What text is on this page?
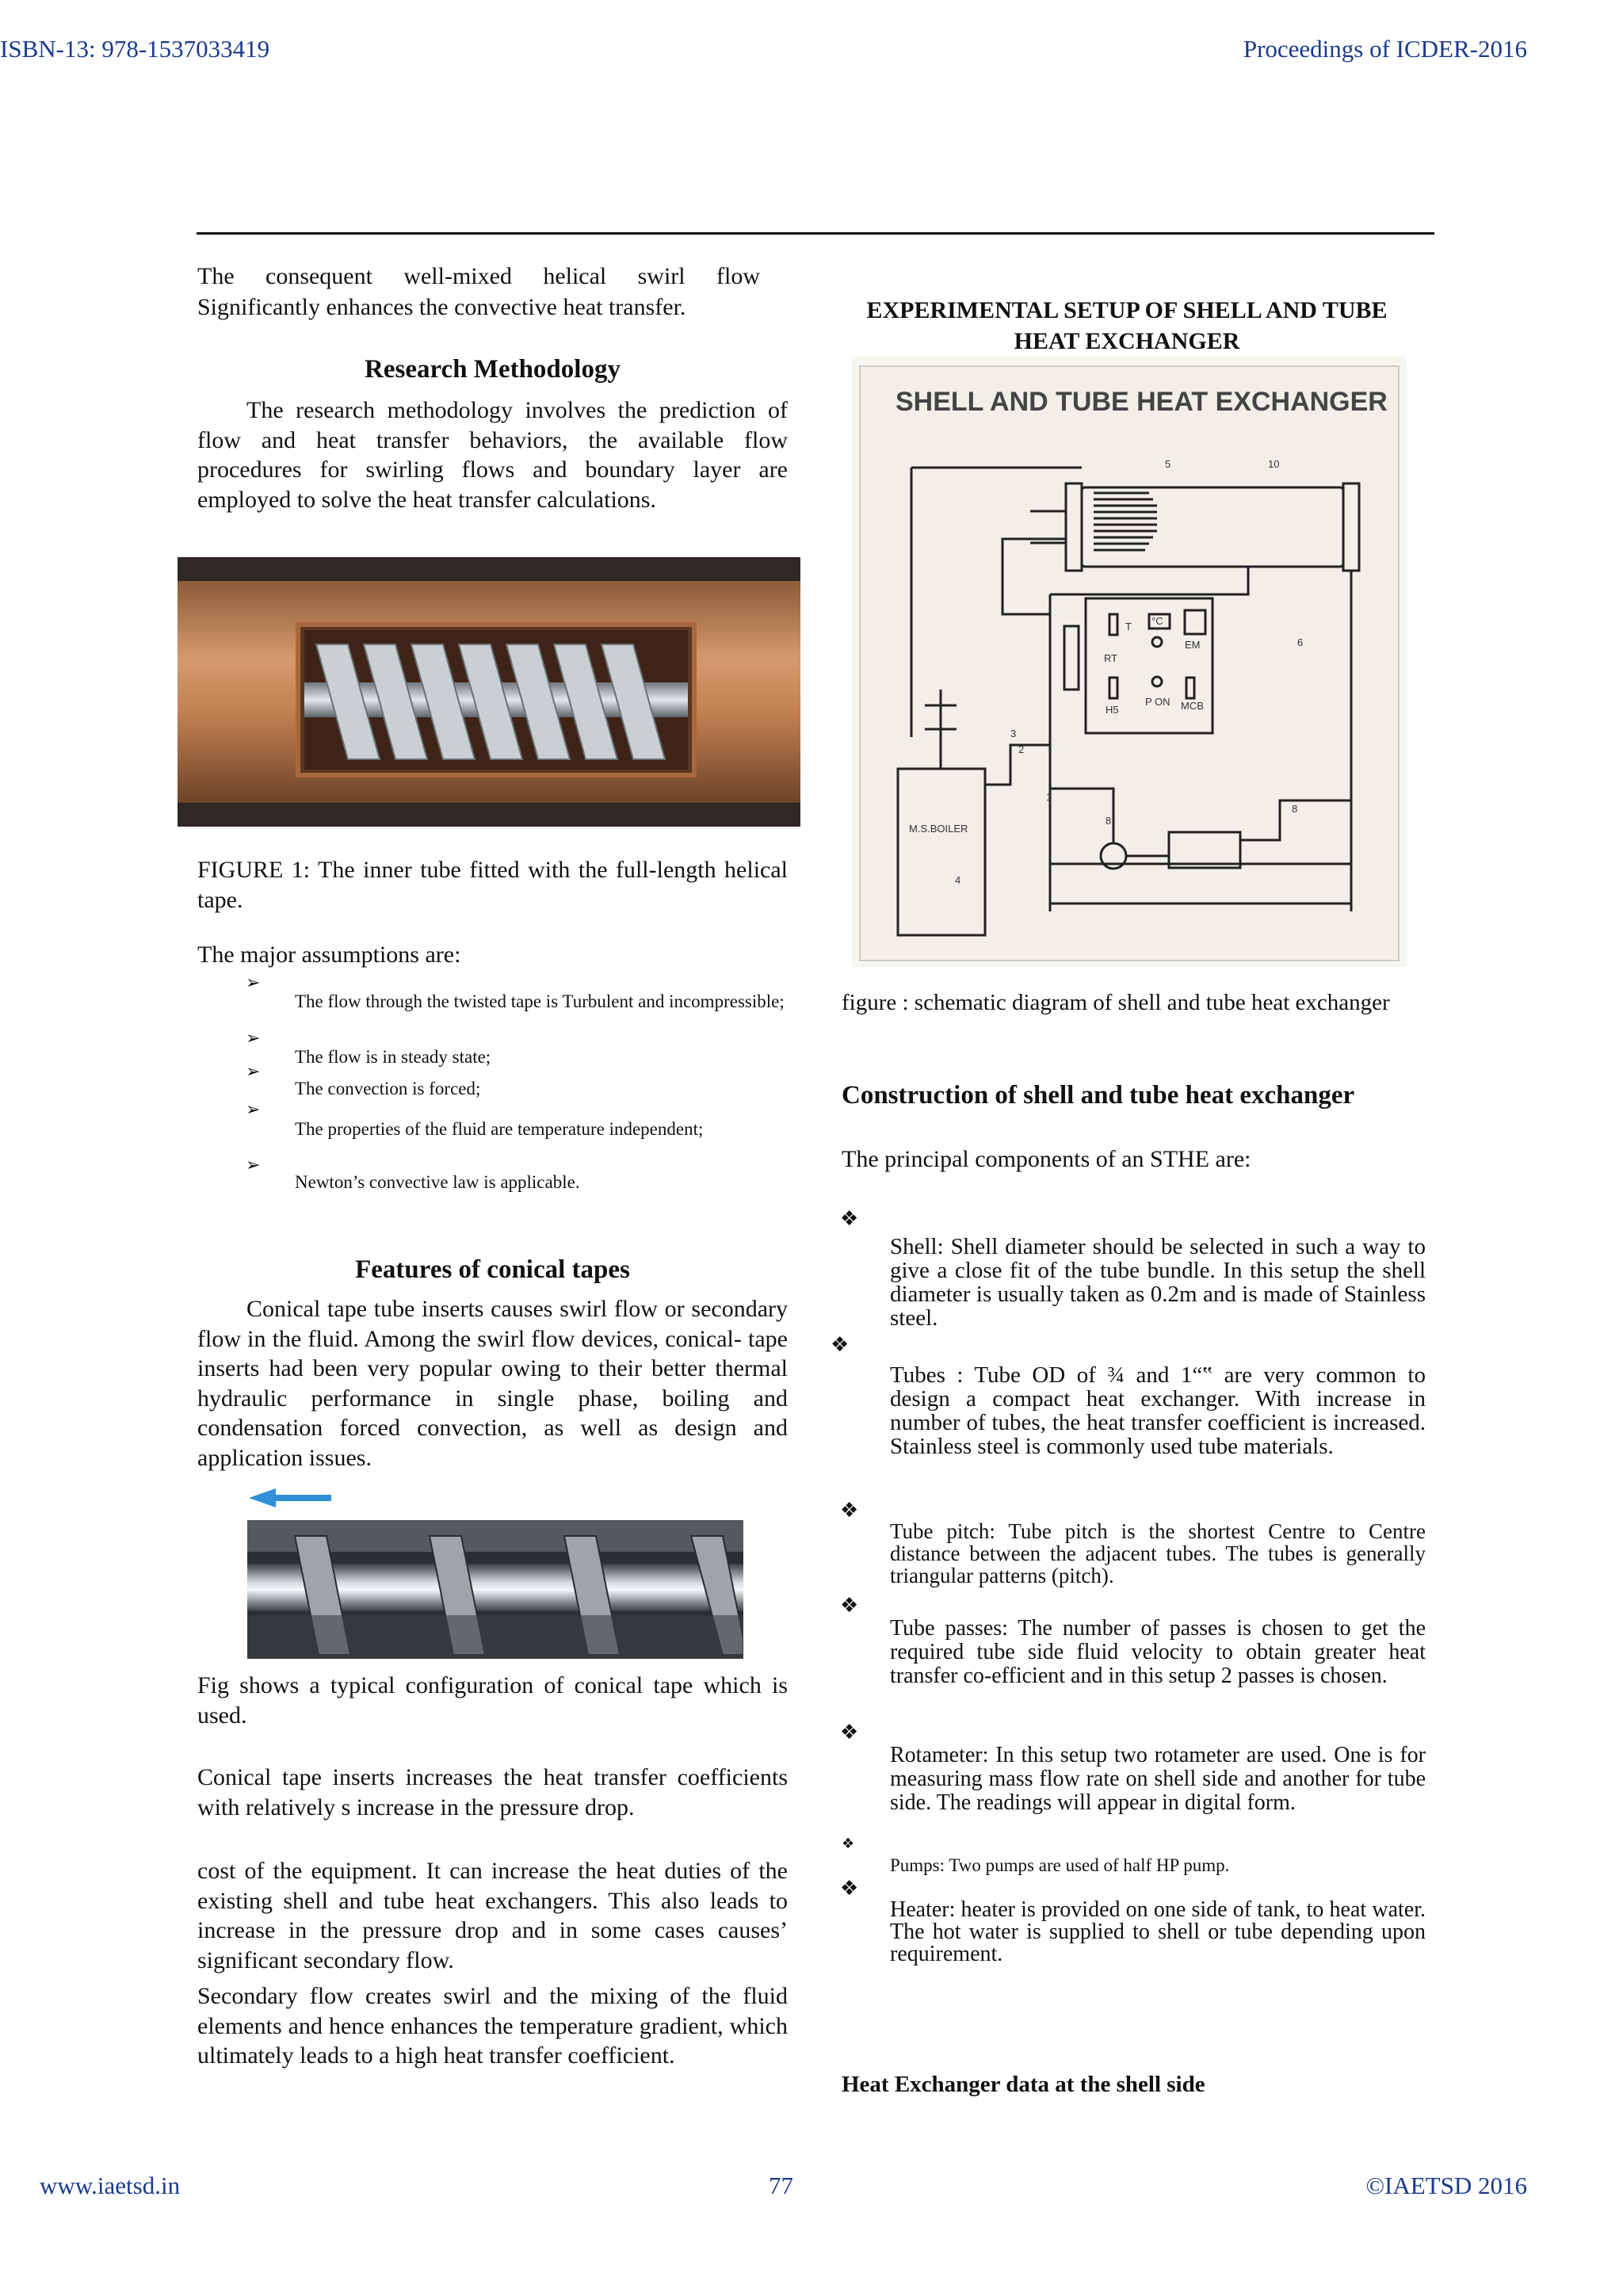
ISBN-13: 978-1537033419	Proceedings of ICDER-2016
The consequent well-mixed helical swirl flow
Significantly enhances the convective heat transfer.
Research Methodology
The research methodology involves the prediction of flow and heat transfer behaviors, the available flow procedures for swirling flows and boundary layer are employed to solve the heat transfer calculations.
FIGURE 1: The inner tube fitted with the full-length helical tape.
The major assumptions are:
➢
The flow through the twisted tape is Turbulent and incompressible;
➢
The flow is in steady state;
➢
The convection is forced;
➢
The properties of the fluid are temperature independent;
➢
Newton’s convective law is applicable.
Features of conical tapes
Conical tape tube inserts causes swirl flow or secondary flow in the fluid. Among the swirl flow devices, conical- tape inserts had been very popular owing to their better thermal hydraulic performance in single phase, boiling and condensation forced convection, as well as design and application issues.
Fig shows a typical configuration of conical tape which is used.
Conical tape inserts increases the heat transfer coefficients with relatively s increase in the pressure drop.
cost of the equipment. It can increase the heat duties of the existing shell and tube heat exchangers. This also leads to increase in the pressure drop and in some cases causes’ significant secondary flow.
Secondary flow creates swirl and the mixing of the fluid elements and hence enhances the temperature gradient, which ultimately leads to a high heat transfer coefficient.
EXPERIMENTAL SETUP OF SHELL AND TUBE HEAT EXCHANGER
SHELL AND TUBE HEAT EXCHANGER
5	10
6
3
2
1
8
8
4
T °C
EM
H5
P ON MCB
RT
M.S.BOILER
figure : schematic diagram of shell and tube heat exchanger
Construction of shell and tube heat exchanger
The principal components of an STHE are:
❖
Shell: Shell diameter should be selected in such a way to give a close fit of the tube bundle. In this setup the shell diameter is usually taken as 0.2m and is made of Stainless steel.
❖
Tubes : Tube OD of ¾ and 1“‟ are very common to design a compact heat exchanger. With increase in number of tubes, the heat transfer coefficient is increased. Stainless steel is commonly used tube materials.
❖
Tube pitch: Tube pitch is the shortest Centre to Centre distance between the adjacent tubes. The tubes is generally triangular patterns (pitch).
❖
Tube passes: The number of passes is chosen to get the required tube side fluid velocity to obtain greater heat transfer co-efficient and in this setup 2 passes is chosen.
❖
Rotameter: In this setup two rotameter are used. One is for measuring mass flow rate on shell side and another for tube side. The readings will appear in digital form.
❖
Pumps: Two pumps are used of half HP pump.
❖
Heater: heater is provided on one side of tank, to heat water. The hot water is supplied to shell or tube depending upon requirement.
Heat Exchanger data at the shell side
www.iaetsd.in	77	©IAETSD 2016
